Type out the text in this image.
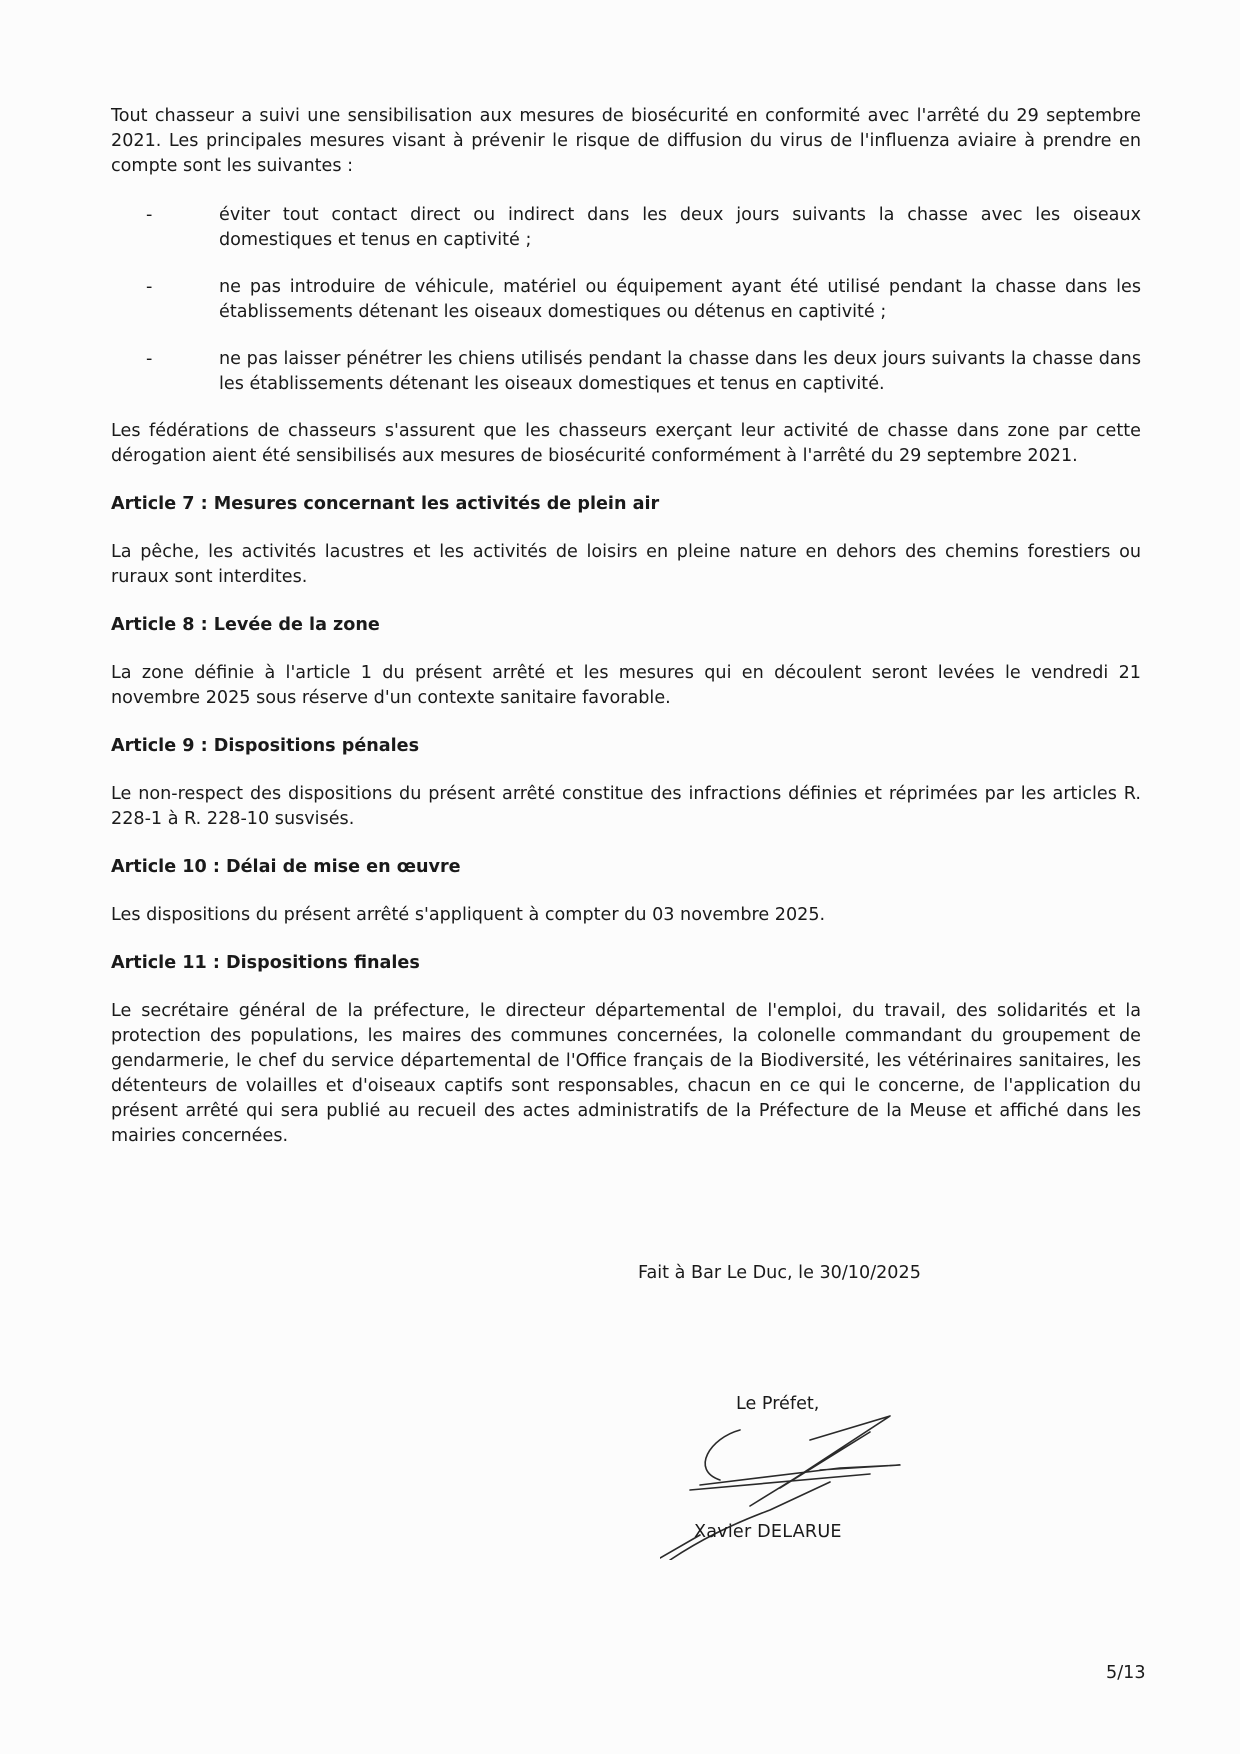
Tout chasseur a suivi une sensibilisation aux mesures de biosécurité en conformité avec l'arrêté du 29 septembre 2021. Les principales mesures visant à prévenir le risque de diffusion du virus de l'influenza aviaire à prendre en compte sont les suivantes :

-	éviter tout contact direct ou indirect dans les deux jours suivants la chasse avec les oiseaux domestiques et tenus en captivité ;
-	ne pas introduire de véhicule, matériel ou équipement ayant été utilisé pendant la chasse dans les établissements détenant les oiseaux domestiques ou détenus en captivité ;
-	ne pas laisser pénétrer les chiens utilisés pendant la chasse dans les deux jours suivants la chasse dans les établissements détenant les oiseaux domestiques et tenus en captivité.

Les fédérations de chasseurs s'assurent que les chasseurs exerçant leur activité de chasse dans zone par cette dérogation aient été sensibilisés aux mesures de biosécurité conformément à l'arrêté du 29 septembre 2021.

Article 7 : Mesures concernant les activités de plein air

La pêche, les activités lacustres et les activités de loisirs en pleine nature en dehors des chemins forestiers ou ruraux sont interdites.

Article 8 : Levée de la zone

La zone définie à l'article 1 du présent arrêté et les mesures qui en découlent seront levées le vendredi 21 novembre 2025 sous réserve d'un contexte sanitaire favorable.

Article 9 : Dispositions pénales

Le non-respect des dispositions du présent arrêté constitue des infractions définies et réprimées par les articles R. 228-1 à R. 228-10 susvisés.

Article 10 : Délai de mise en œuvre

Les dispositions du présent arrêté s'appliquent à compter du 03 novembre 2025.

Article 11 : Dispositions finales

Le secrétaire général de la préfecture, le directeur départemental de l'emploi, du travail, des solidarités et la protection des populations, les maires des communes concernées, la colonelle commandant du groupement de gendarmerie, le chef du service départemental de l'Office français de la Biodiversité, les vétérinaires sanitaires, les détenteurs de volailles et d'oiseaux captifs sont responsables, chacun en ce qui le concerne, de l'application du présent arrêté qui sera publié au recueil des actes administratifs de la Préfecture de la Meuse et affiché dans les mairies concernées.

Fait à Bar Le Duc, le 30/10/2025
Le Préfet,
Xavier DELARUE
5/13
